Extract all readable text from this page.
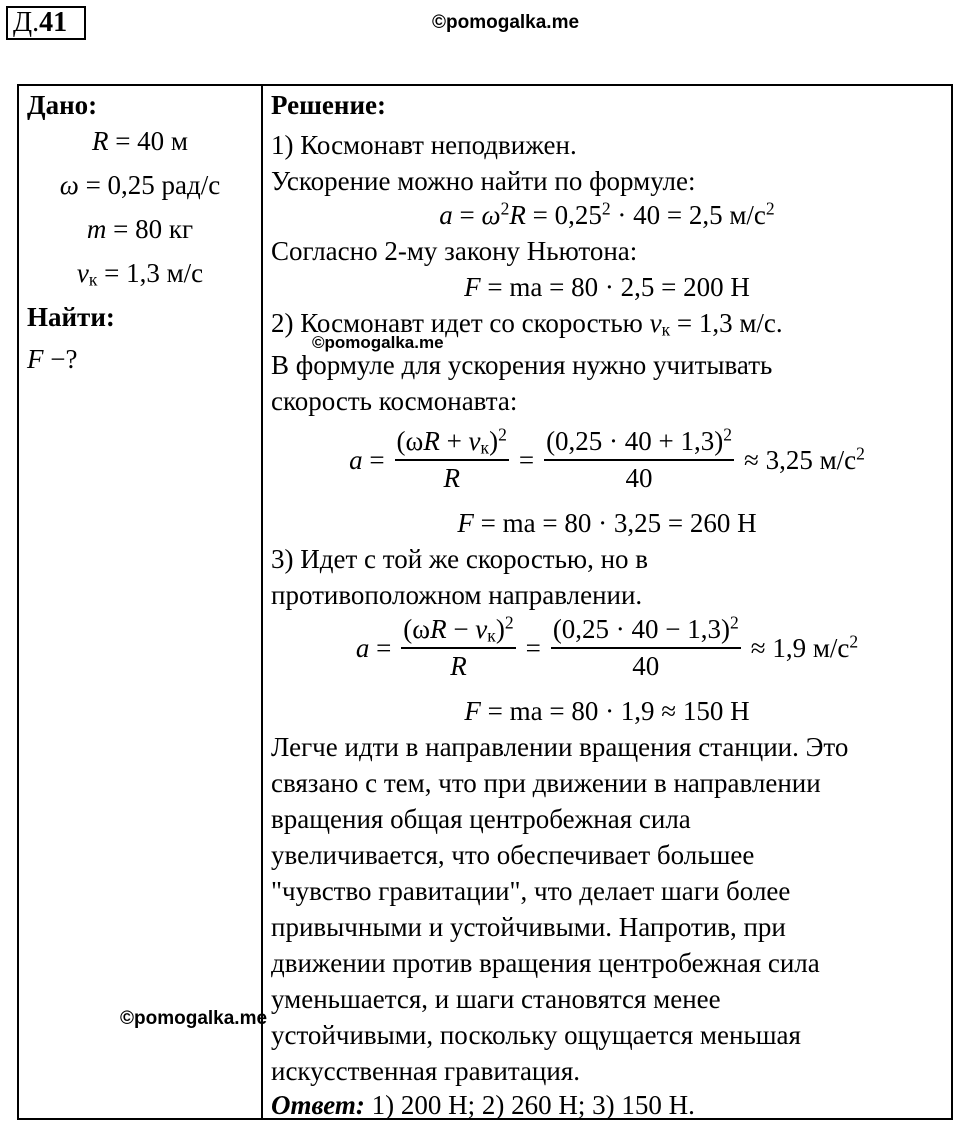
Д.41	©pomogalka.me
Дано:
R = 40 м
ω = 0,25 рад/с
m = 80 кг
$v_к = 1,3$ м/с
Найти:
F −?
Решение:
1) Космонавт неподвижен.
Ускорение можно найти по формуле:
$a = \omega^2R = 0,25^2 \cdot 40 = 2,5$ $м/с^2$
Согласно 2-му закону Ньютона:
F = ma = 80 · 2,5 = 200 Н
2) Космонавт идет со скоростью $v_к = 1,3$ м/с.
В формуле для ускорения нужно учитывать
скорость космонавта:
$a = \frac{(\omega R + v_к)^2}{R} = \frac{(0,25 \cdot 40 + 1,3)^2}{40} \approx 3,25$ $м/с^2$
F = ma = 80 · 3,25 = 260 Н
3) Идет с той же скоростью, но в
противоположном направлении.
$a = \frac{(\omega R - v_к)^2}{R} = \frac{(0,25 \cdot 40 - 1,3)^2}{40} \approx 1,9$ $м/с^2$
F = ma = 80 · 1,9 ≈ 150 Н
Легче идти в направлении вращения станции. Это
связано с тем, что при движении в направлении
вращения общая центробежная сила
увеличивается, что обеспечивает большее
"чувство гравитации", что делает шаги более
привычными и устойчивыми. Напротив, при
движении против вращения центробежная сила
уменьшается, и шаги становятся менее
устойчивыми, поскольку ощущается меньшая
искусственная гравитация.
Ответ: 1) 200 Н; 2) 260 Н; 3) 150 Н.
©pomogalka.me
©pomogalka.me
